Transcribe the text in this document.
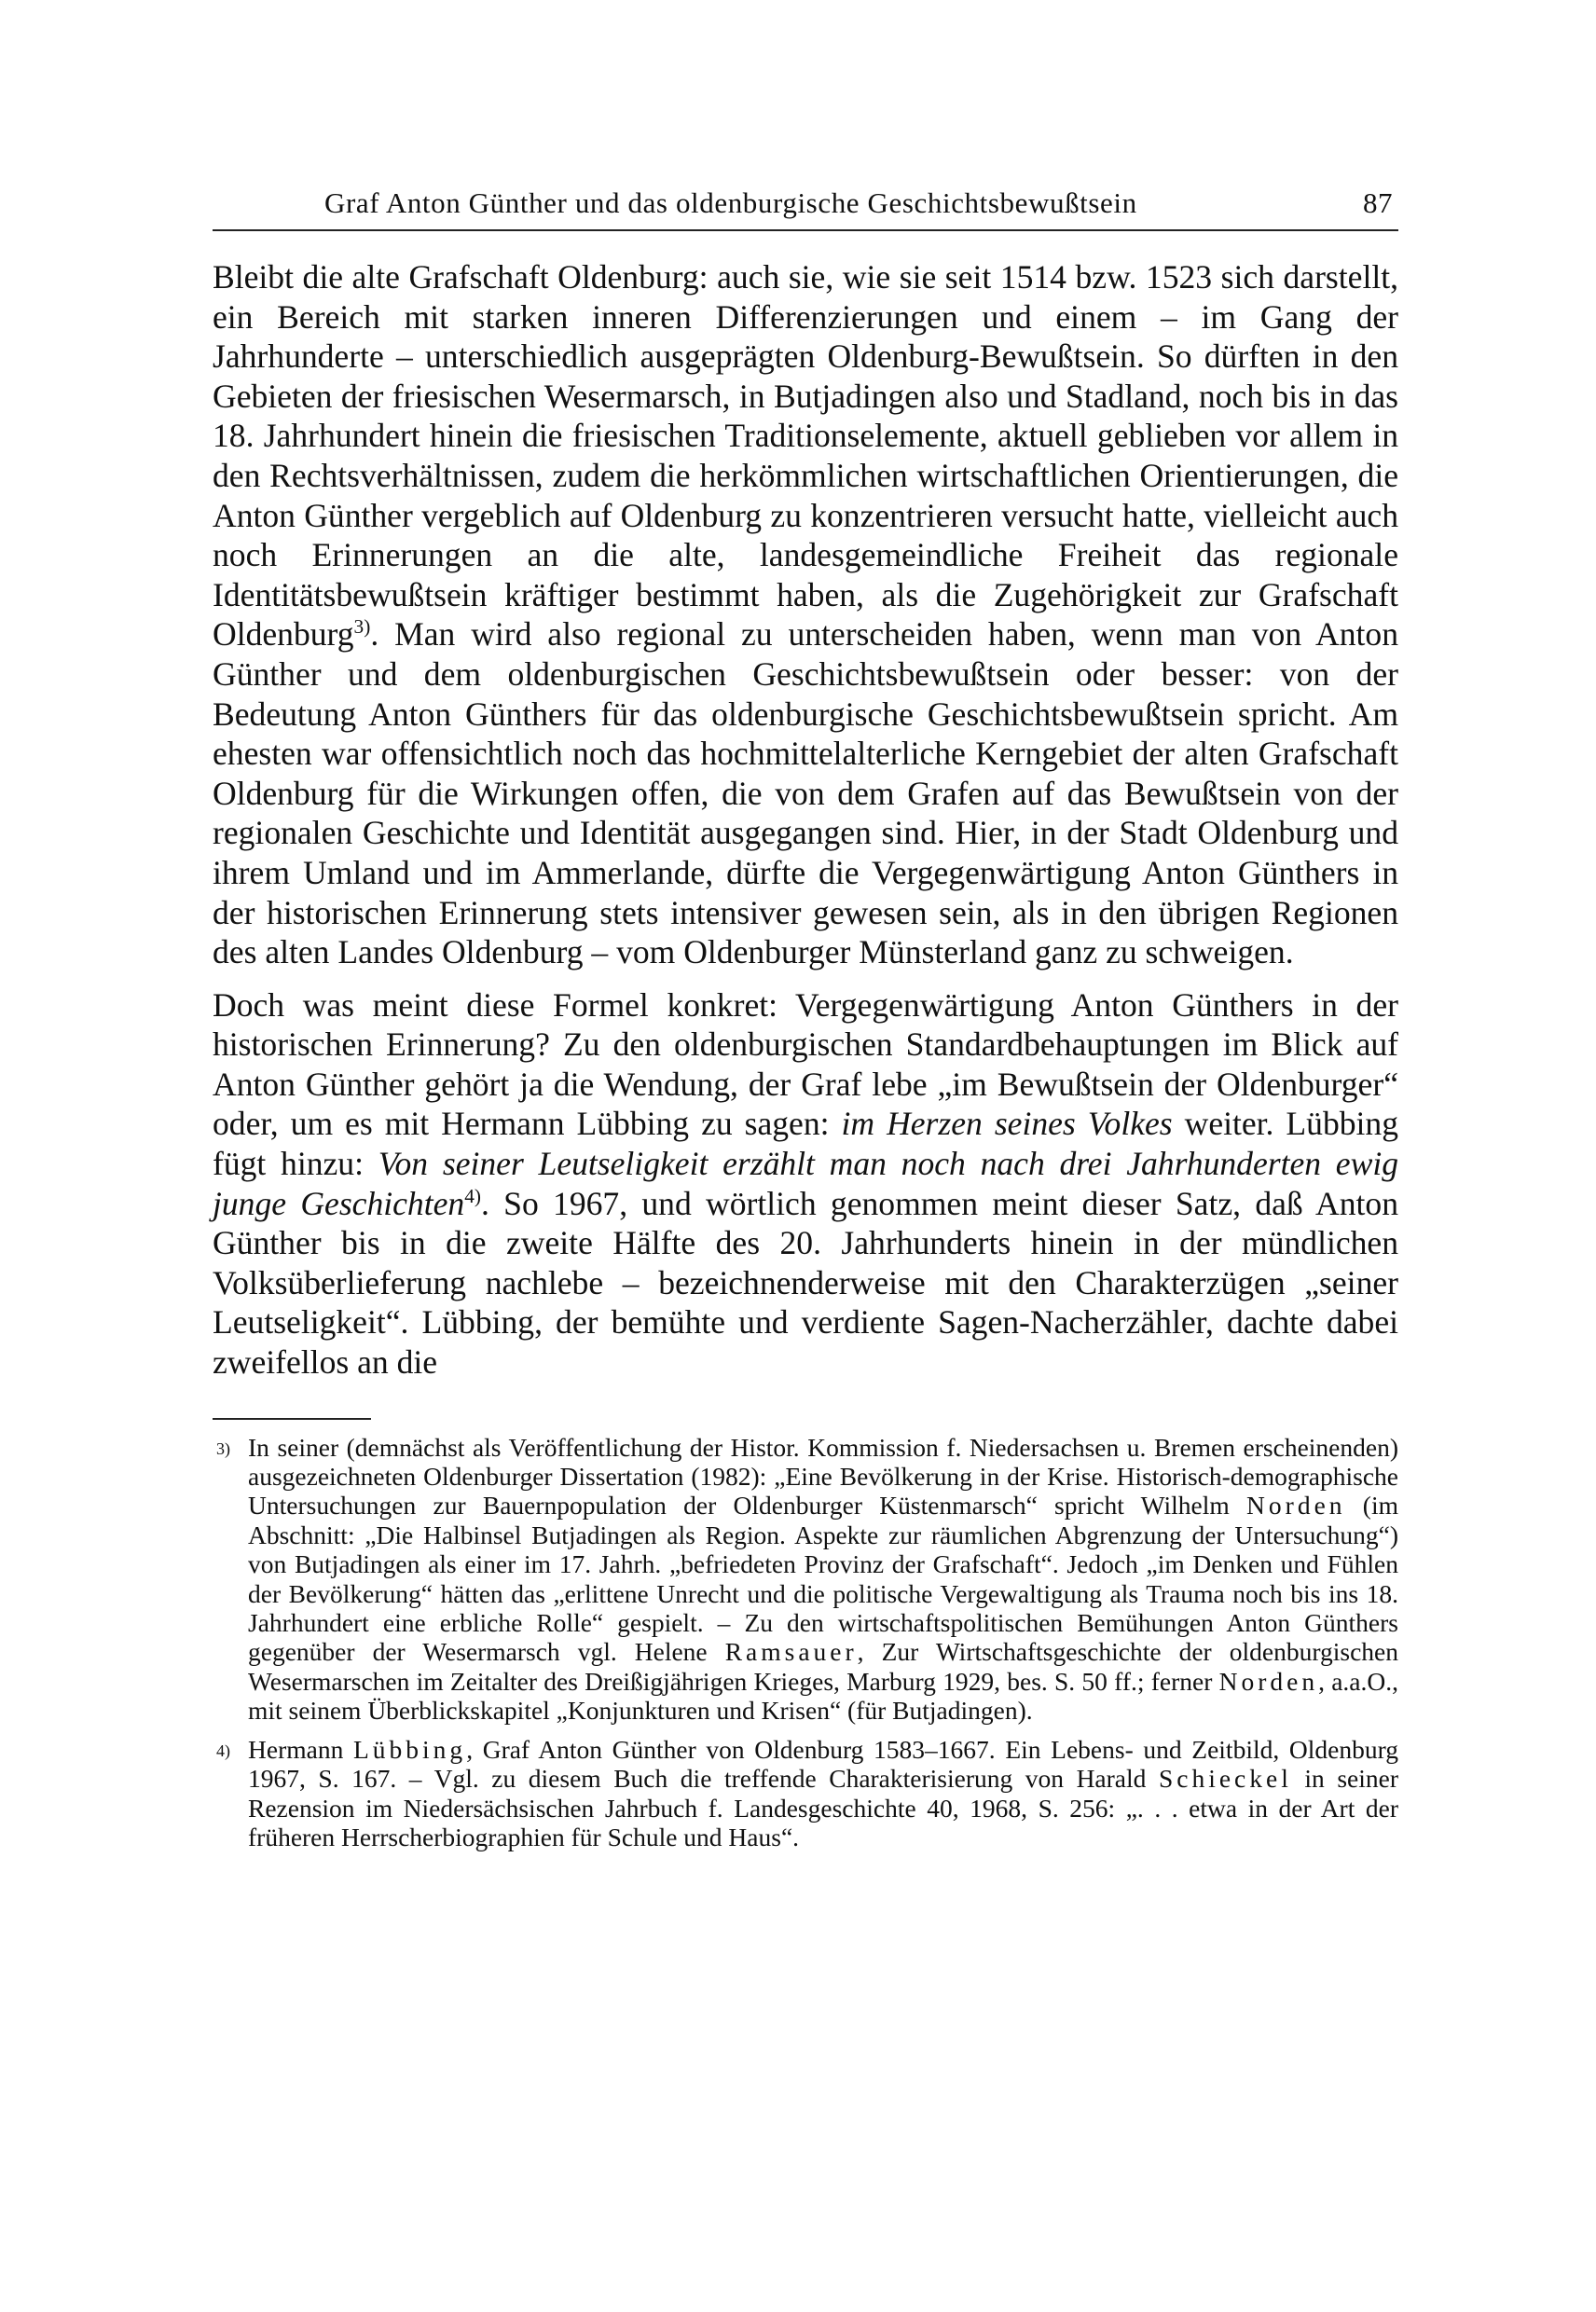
Graf Anton Günther und das oldenburgische Geschichtsbewußtsein	87

Bleibt die alte Grafschaft Oldenburg: auch sie, wie sie seit 1514 bzw. 1523 sich darstellt, ein Bereich mit starken inneren Differenzierungen und einem – im Gang der Jahrhunderte – unterschiedlich ausgeprägten Oldenburg-Bewußtsein. So dürften in den Gebieten der friesischen Wesermarsch, in Butjadingen also und Stadland, noch bis in das 18. Jahrhundert hinein die friesischen Traditionselemente, aktuell geblieben vor allem in den Rechtsverhältnissen, zudem die herkömmlichen wirtschaftlichen Orientierungen, die Anton Günther vergeblich auf Oldenburg zu konzentrieren versucht hatte, vielleicht auch noch Erinnerungen an die alte, landesgemeindliche Freiheit das regionale Identitätsbewußtsein kräftiger bestimmt haben, als die Zugehörigkeit zur Grafschaft Oldenburg$^{3)}$. Man wird also regional zu unterscheiden haben, wenn man von Anton Günther und dem oldenburgischen Geschichtsbewußtsein oder besser: von der Bedeutung Anton Günthers für das oldenburgische Geschichtsbewußtsein spricht. Am ehesten war offensichtlich noch das hochmittelalterliche Kerngebiet der alten Grafschaft Oldenburg für die Wirkungen offen, die von dem Grafen auf das Bewußtsein von der regionalen Geschichte und Identität ausgegangen sind. Hier, in der Stadt Oldenburg und ihrem Umland und im Ammerlande, dürfte die Vergegenwärtigung Anton Günthers in der historischen Erinnerung stets intensiver gewesen sein, als in den übrigen Regionen des alten Landes Oldenburg – vom Oldenburger Münsterland ganz zu schweigen.

Doch was meint diese Formel konkret: Vergegenwärtigung Anton Günthers in der historischen Erinnerung? Zu den oldenburgischen Standardbehauptungen im Blick auf Anton Günther gehört ja die Wendung, der Graf lebe „im Bewußtsein der Oldenburger“ oder, um es mit Hermann Lübbing zu sagen: im Herzen seines Volkes weiter. Lübbing fügt hinzu: Von seiner Leutseligkeit erzählt man noch nach drei Jahrhunderten ewig junge Geschichten$^{4)}$. So 1967, und wörtlich genommen meint dieser Satz, daß Anton Günther bis in die zweite Hälfte des 20. Jahrhunderts hinein in der mündlichen Volksüberlieferung nachlebe – bezeichnenderweise mit den Charakterzügen „seiner Leutseligkeit“. Lübbing, der bemühte und verdiente Sagen-Nacherzähler, dachte dabei zweifellos an die

3) In seiner (demnächst als Veröffentlichung der Histor. Kommission f. Niedersachsen u. Bremen erscheinenden) ausgezeichneten Oldenburger Dissertation (1982): „Eine Bevölkerung in der Krise. Historisch-demographische Untersuchungen zur Bauernpopulation der Oldenburger Küstenmarsch“ spricht Wilhelm Norden (im Abschnitt: „Die Halbinsel Butjadingen als Region. Aspekte zur räumlichen Abgrenzung der Untersuchung“) von Butjadingen als einer im 17. Jahrh. „befriedeten Provinz der Grafschaft“. Jedoch „im Denken und Fühlen der Bevölkerung“ hätten das „erlittene Unrecht und die politische Vergewaltigung als Trauma noch bis ins 18. Jahrhundert eine erbliche Rolle“ gespielt. – Zu den wirtschaftspolitischen Bemühungen Anton Günthers gegenüber der Wesermarsch vgl. Helene Ramsauer, Zur Wirtschaftsgeschichte der oldenburgischen Wesermarschen im Zeitalter des Dreißigjährigen Krieges, Marburg 1929, bes. S. 50 ff.; ferner Norden, a.a.O., mit seinem Überblickskapitel „Konjunkturen und Krisen“ (für Butjadingen).
4) Hermann Lübbing, Graf Anton Günther von Oldenburg 1583–1667. Ein Lebens- und Zeitbild, Oldenburg 1967, S. 167. – Vgl. zu diesem Buch die treffende Charakterisierung von Harald Schieckel in seiner Rezension im Niedersächsischen Jahrbuch f. Landesgeschichte 40, 1968, S. 256: „. . . etwa in der Art der früheren Herrscherbiographien für Schule und Haus“.
